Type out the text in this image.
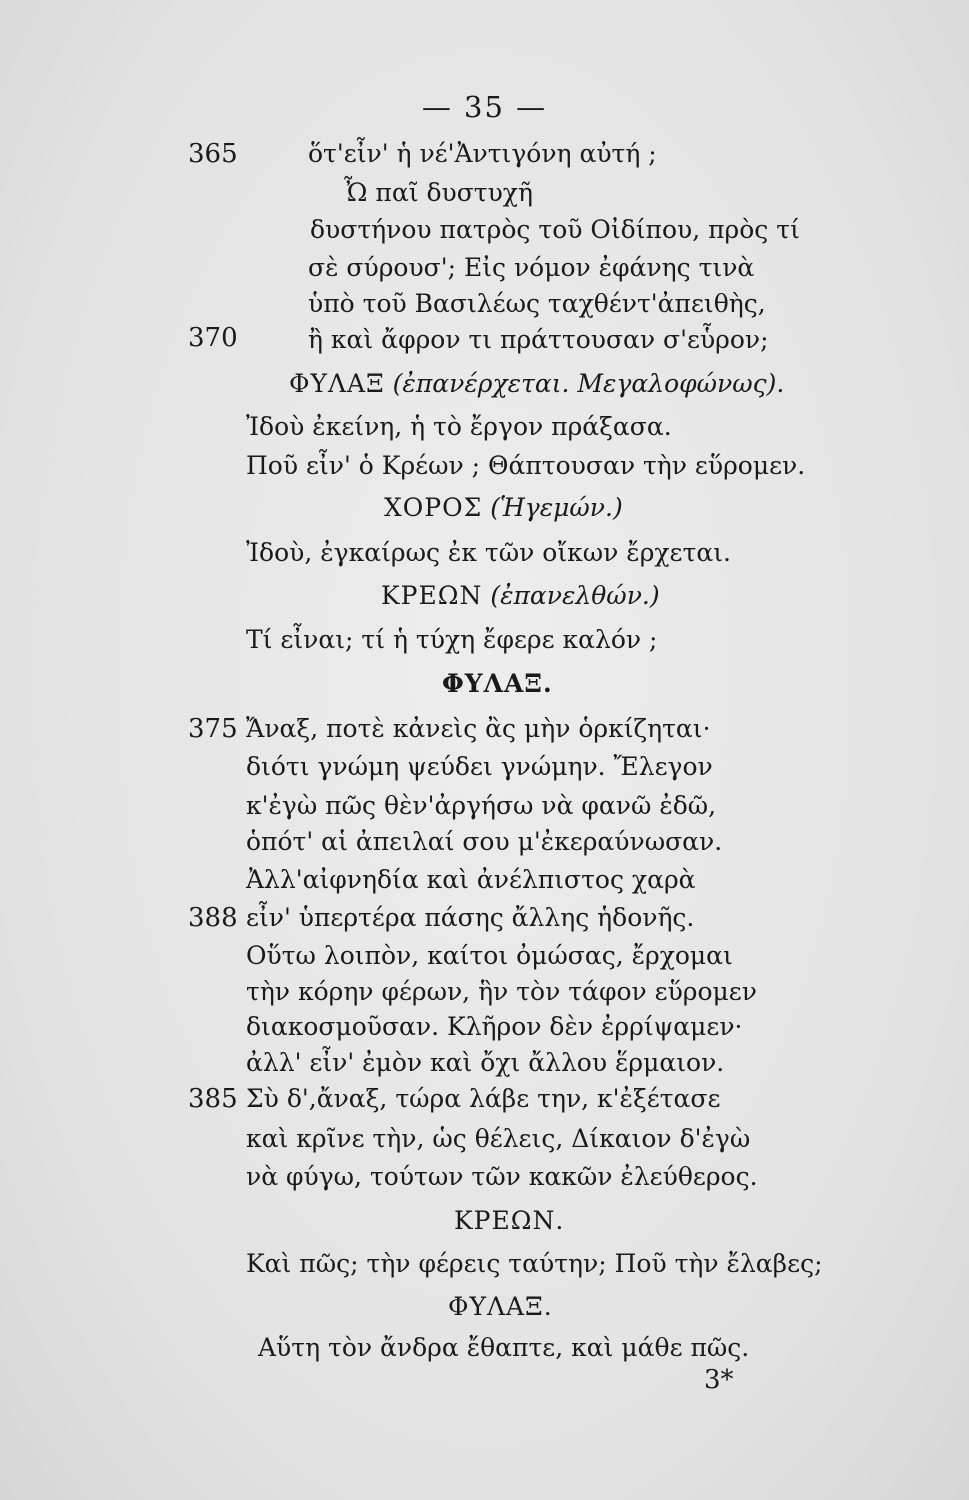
— 35 —
365
370
375
388
385
ὅτ'εἶν' ἡ νέ'Ἀντιγόνη αὐτή ;
Ὦ παῖ δυστυχῆ
δυστήνου πατρὸς τοῦ Οἰδίπου, πρὸς τί
σὲ σύρουσ'; Εἰς νόμον ἐφάνης τινὰ
ὑπὸ τοῦ Βασιλέως ταχθέντ'ἀπειθὴς,
ἢ καὶ ἄφρον τι πράττουσαν σ'εὗρον;
ΦΥΛΑΞ (ἐπανέρχεται. Μεγαλοφώνως).
Ἰδοὺ ἐκείνη, ἡ τὸ ἔργον πράξασα.
Ποῦ εἶν' ὁ Κρέων ; Θάπτουσαν τὴν εὕρομεν.
ΧΟΡΟΣ (Ἡγεμών.)
Ἰδοὺ, ἐγκαίρως ἐκ τῶν οἴκων ἔρχεται.
ΚΡΕΩΝ (ἐπανελθών.)
Τί εἶναι; τί ἡ τύχη ἔφερε καλόν ;
ΦΥΛΑΞ.
Ἄναξ, ποτὲ κἀνεὶς ἂς μὴν ὁρκίζηται·
διότι γνώμη ψεύδει γνώμην. Ἔλεγον
κ'ἐγὼ πῶς θὲν'ἀργήσω νὰ φανῶ ἐδῶ,
ὁπότ' αἱ ἀπειλαί σου μ'ἐκεραύνωσαν.
Ἀλλ'αἰφνηδία καὶ ἀνέλπιστος χαρὰ
εἶν' ὑπερτέρα πάσης ἄλλης ἡδονῆς.
Οὕτω λοιπὸν, καίτοι ὀμώσας, ἔρχομαι
τὴν κόρην φέρων, ἣν τὸν τάφον εὕρομεν
διακοσμοῦσαν. Κλῆρον δὲν ἐρρίψαμεν·
ἀλλ' εἶν' ἐμὸν καὶ ὄχι ἄλλου ἕρμαιον.
Σὺ δ',ἄναξ, τώρα λάβε την, κ'ἐξέτασε
καὶ κρῖνε τὴν, ὡς θέλεις, Δίκαιον δ'ἐγὼ
νὰ φύγω, τούτων τῶν κακῶν ἐλεύθερος.
ΚΡΕΩΝ.
Καὶ πῶς; τὴν φέρεις ταύτην; Ποῦ τὴν ἔλαβες;
ΦΥΛΑΞ.
Αὕτη τὸν ἄνδρα ἔθαπτε, καὶ μάθε πῶς.
3*
